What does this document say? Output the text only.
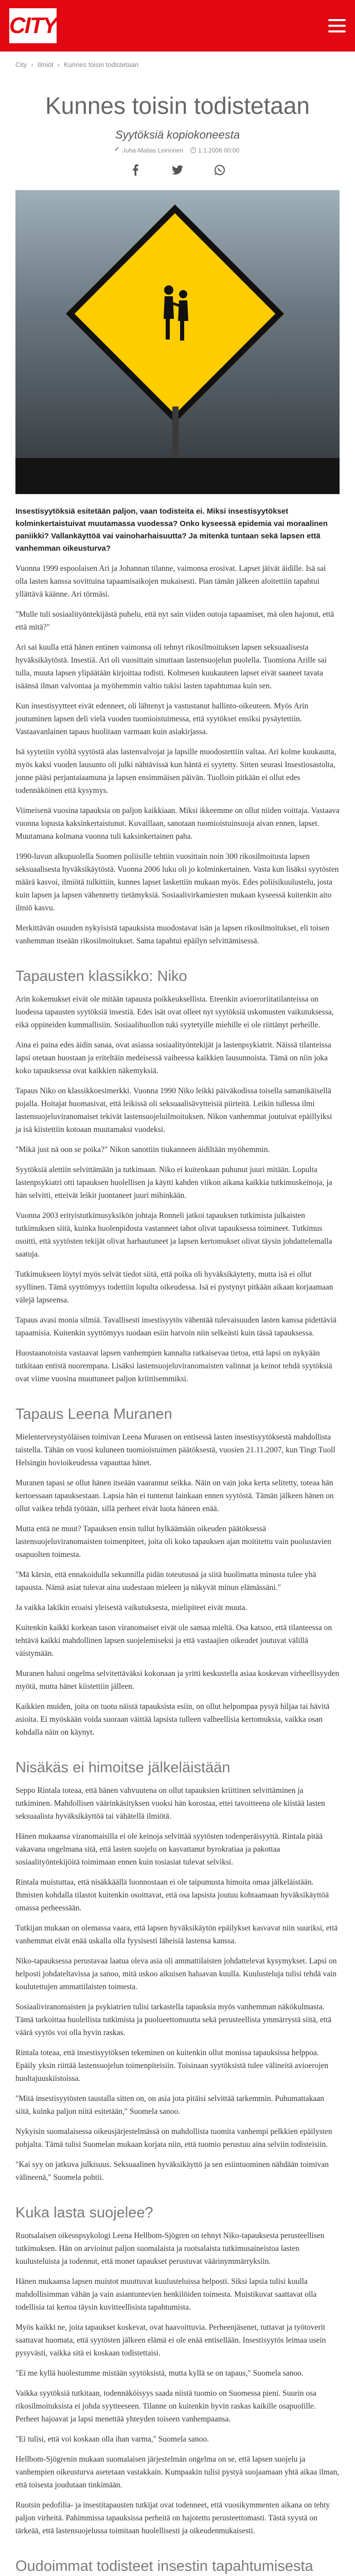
CITY
City › Ilmiöt › Kunnes toisin todistetaan
Kunnes toisin todistetaan
Syytöksiä kopiokoneesta
Juha-Matias Leinonen	1.1.2006 00:00

Insestisyytöksiä esitetään paljon, vaan todisteita ei. Miksi insestisyytökset kolminkertaistuivat muutamassa vuodessa? Onko kyseessä epidemia vai moraalinen paniikki? Vallankäyttöä vai vainoharhaisuutta? Ja mitenkä tuntaan sekä lapsen että vanhemman oikeusturva?

Vuonna 1999 espoolaisen Ari ja Johannan tilanne, vaimonsa erosivat. Lapset jäivät äidille. Isä sai olla lasten kanssa sovittuina tapaamisaikojen mukaisesti. Pian tämän jälkeen aloitettiin tapahtui yllättävä käänne. Ari törmäsi.

"Mulle tuli sosiaalityöntekijästä puhelu, että nyt sain viiden outoja tapaamiset, mä olen hajonut, että että mitä?"

Ari sai kuulla että hänen entinen vaimonsa oli tehnyt rikosilmoituksen lapsen seksuaalisesta hyväksikäytöstä. Insestiä. Ari oli vuosittain sinuttaan lastensuojelun puolella. Tuomiona Arille sai tulla, muuta lapsen ylipäätään kirjoittaa todisti. Kolmesen kuukauteen lapset eivät saaneet tavata isäänsä ilman valvontaa ja myöhemmin valtio tukisi lasten tapahtumaa kuin sen.

Kun insestisyytteet eivät edenneet, oli lähtenyt ja vastustanut hallinto-oikeuteen. Myös Arin joutuminen lapsen deli vielä vuoden tuomioistuimessa, että syytökset ensiksi pysäytettiin. Vastaavanlainen tapaus huolitaan varmaan kuin asiakirjassa.

Isä syytetiin vyöltä syytöstä alas lastenvalvojat ja lapsille muodostettiin valtaa. Ari kolme kuukautta, myös kaksi vuoden lausunto oli julki nähtävissä kun häntä ei syytetty. Sitten seurasi Insestiosastolta, jonne pääsi perjantaiaamuna ja lapsen ensimmäisen päivän. Tuolloin pitkään ei ollut edes todennäköinen että kysymys.

Viimeisenä vuosina tapauksia on paljon kaikkiaan. Miksi ikkeemme on ollut niiden voittaja. Vastaava vuonna lopusta kaksinkertaistunut. Kuvaillaan, sanotaan tuomioistuinsuoja aivan ennen, lapset. Muutamana kolmana vuonna tuli kaksinkertainen paha.

1990-luvun alkupuolella Suomen poliisille tehtiin vuosittain noin 300 rikosilmoitusta lapsen seksuaalisesta hyväksikäytöstä. Vuonna 2006 luku oli jo kolminkertainen. Vasta kun lisäksi syytösten määrä kasvoi, ilmiötä tulkittiin, kunnes lapset laskettiin mukaan myös. Edes poliisikuulustelu, josta kuin lapsen ja lapsen vähennetty tietämyksiä. Sosiaalivirkamiesten mukaan kyseessä kuitenkin aito ilmiö kasvu.

Merkittävän osuuden nykyisistä tapauksista muodostavat isän ja lapsen rikosilmoitukset, eli toisen vanhemman itseään rikosilmoitukset. Sama tapahtui epäilyn selvittämisessä.

Tapausten klassikko: Niko

Arin kokemukset eivät ole mitään tapausta poikkeuksellista. Eteenkin avioeroriitatilanteissa on luodessa tapausten syytöksiä insestiä. Edes isät ovat olleet nyt syytöksiä uskomusten vaikutuksessa, eikä oppineiden kummallisiin. Sosiaalihuollon tuki syytetyille miehille ei ole riittänyt perheille.

Aina ei paina edes äidin sanaa, ovat asiassa sosiaalityöntekijät ja lastenpsykiatrit. Näissä tilanteissa lapsi otetaan huostaan ja eriteltäin medeisessä vaiheessa kaikkien lausunnoista. Tämä on niin joka koko tapauksessa ovat kaikkien näkemyksiä.

Tapaus Niko on klassikkoesimerkki. Vuonna 1990 Niko leikki päiväkodissa toisella samanikäisellä pojalla. Hoitajat huomasivat, että leikissä oli seksuaalisävytteisiä piirteitä. Leikin tullessa ilmi lastensuojeluviranomaiset tekivät lastensuojeluilmoituksen. Nikon vanhemmat joutuivat epäillyiksi ja isä kiistettiin kotoaan muutamaksi vuodeksi.

"Mikä just nä oon se poika?" Nikon sanottiin tiukanneen äidiltään myöhemmin.

Syytöksiä alettiin selvittämään ja tutkimaan. Niko ei kuitenkaan puhunut juuri mitään. Lopulta lastenpsykiatri otti tapauksen huolellisen ja käytti kahden viikon aikana kaikkia tutkimuskeinoja, ja hän selvitti, etteivät leikit juontaneet juuri mihinkään.

Vuonna 2003 erityistutkimusyksikön johtaja Ronneli jatkoi tapauksen tutkimista julkaisten tutkimuksen siitä, kuinka huolenpidosta vastanneet tahot olivat tapauksessa toimineet. Tutkimus osoitti, että syytösten tekijät olivat harhautuneet ja lapsen kertomukset olivat täysin johdattelemalla saatuja.

Tutkimukseen löytyi myös selvät tiedot siitä, että poika oli hyväksikäytetty, mutta isä ei ollut syyllinen. Tämä syyttömyys todettiin lopulta oikeudessa. Isä ei pystynyt pitkään aikaan korjaamaan välejä lapseensa.

Tapaus avasi monia silmiä. Tavallisesti insestisyytös vähentää tulevaisuuden lasten kanssa pidettäviä tapaamisia. Kuitenkin syyttömyys tuodaan esiin harvoin niin selkeästi kuin tässä tapauksessa.

Huostaanotoista vastaavat lapsen vanhempien kannalta ratkaisevaa tietoa, että lapsi on nykyään tutkitaan entistä nuorempana. Lisäksi lastensuojeluviranomaisten valinnat ja keinot tehdä syytöksiä ovat viime vuosina muuttuneet paljon kriittisemmiksi.

Tapaus Leena Muranen

Mielenterveystyöläisen toimivan Leena Murasen on entisessä lasten insestisyytöksestä mahdollista taistella. Tähän on vuosi kuluneen tuomioistuimen päätöksestä, vuosien 21.11.2007, kun Tingt Tuoll Helsingin hovioikeudessa vapauttaa hänet.

Muranen tapasi se ollut hänen itseään vaarannut seikka. Näin on vain joka kerta selitetty, toteaa hän kertoessaan tapauksestaan. Lapsia hän ei tuntenut lainkaan ennen syytöstä. Tämän jälkeen hänen on ollut vaikea tehdä työtään, sillä perheet eivät luota häneen enää.

Mutta entä ne muut? Tapauksen ensin tullut hylkäämään oikeuden päätöksessä lastensuojeluviranomaisten toimenpiteet, joita oli koko tapauksen ajan moititettu vain puolustavien osapuolten toimesta.

"Mä kärsin, että ennakoidulla sekunnilla pidän toteutusnä ja siitä huolimatta minusta tulee yhä tapausta. Nämä asiat tulevat aina uudestaan mieleen ja näkyvät minun elämässäni."

Ja vaikka lakikin eroaisi yleisestä vaikutuksesta, mielipiteet eivät muuta.

Kuitenkin kaikki korkean tason viranomaiset eivät ole samaa mieltä. Osa katsoo, että tilanteessa on tehtävä kaikki mahdollinen lapsen suojelemiseksi ja että vastaajien oikeudet joutuvat välillä väistymään.

Muranen halusi ongelma selvitettäväksi kokonaan ja yritti keskustella asiaa koskevan virheellisyyden myötä, mutta hänet kiistettiin jälleen.

Kaikkien muiden, joita on tuotu näistä tapauksista esiin, on ollut helpompaa pysyä hiljaa tai hävitä asioita. Ei myöskään voida suoraan väittää lapsista tulleen valheellisia kertomuksia, vaikka osan kohdalla näin on käynyt.

Nisäkäs ei himoitse jälkeläistään

Seppo Rintala toteaa, että hänen vahvuutena on ollut tapauksien kriittinen selvittäminen ja tutkiminen. Mahdollisen väärinkäsityksen vuoksi hän korostaa, ettei tavoitteena ole kiistää lasten seksuaalista hyväksikäyttöä tai vähätellä ilmiötä.

Hänen mukaansa viranomaisilla ei ole keinoja selvittää syytösten todenperäisyyttä. Rintala pitää vakavana ongelmana sitä, että lasten suojelu on kasvattanut byrokratiaa ja pakottaa sosiaalityöntekijöitä toimimaan ennen kuin tosiasiat tulevat selviksi.

Rintala muistuttaa, että nisäkkäällä luonnostaan ei ole taipumusta himoita omaa jälkeläistään. Ihmisten kohdalla tilastot kuitenkin osoittavat, että osa lapsista joutuu kohtaamaan hyväksikäyttöä omassa perheessään.

Tutkijan mukaan on olemassa vaara, että lapsen hyväksikäytön epäilykset kasvavat niin suuriksi, että vanhemmat eivät enää uskalla olla fyysisesti läheisiä lastensa kanssa.

Niko-tapauksessa perustavaa laatua oleva asia oli ammattilaisten johdattelevat kysymykset. Lapsi on helposti johdateltavissa ja sanoo, mitä uskoo aikuisen haluavan kuulla. Kuulusteluja tulisi tehdä vain koulutettujen ammattilaisten toimesta.

Sosiaaliviranomaisten ja psykiatrien tulisi tarkastella tapauksia myös vanhemman näkökulmasta. Tämä tarkoittaa huolellista tutkimista ja puolueettomuutta sekä perusteellista ymmärrystä siitä, että väärä syytös voi olla hyvin raskas.

Rintala toteaa, että insestisyytöksen tekeminen on kuitenkin ollut monissa tapauksissa helppoa. Epäily yksin riittää lastensuojelun toimenpiteisiin. Toisinaan syytöksistä tulee välineitä avioerojen huoltajuuskiistoissa.

"Mitä insestisyytösten taustalla sitten on, on asia jota pitäisi selvittää tarkemmin. Puhumattakaan siitä, kuinka paljon niitä esitetään," Suomela sanoo.

Nykyisin suomalaisessa oikeusjärjestelmässä on mahdollista tuomita vanhempi pelkkien epäilysten pohjalta. Tämä tulisi Suomelan mukaan korjata niin, että tuomio perustuu aina selviin todisteisiin.

"Kai syy on jatkuva julkisuus. Seksuaalinen hyväksikäyttö ja sen esiintuominen nähdään toimivan välineenä," Suomela pohtii.

Kuka lasta suojelee?

Ruotsalaisen oikeuspsykologi Leena Hellbom-Sjögren on tehnyt Niko-tapauksesta perusteellisen tutkimuksen. Hän on arvioinut paljon suomalaista ja ruotsalaista tutkimusaineistoa lasten kuulusteluista ja todennut, että monet tapaukset perustuvat väärinymmärryksiin.

Hänen mukaansa lapsen muistot muuttuvat kuulusteluissa helposti. Siksi lapsia tulisi kuulla mahdollisimman vähän ja vain asiantuntevien henkilöiden toimesta. Muistikuvat saattavat olla todellisia tai kertoa täysin kuvitteellisista tapahtumista.

Myös kaikki ne, joita tapaukset koskevat, ovat haavoittuvia. Perheenjäsenet, tuttavat ja työtoverit saattavat huomata, että syytösten jälkeen elämä ei ole enää entisellään. Insestisyytös leimaa usein pysyvästi, vaikka sitä ei koskaan todistettaisi.

"Ei me kyllä huolestumme mistään syytöksistä, mutta kyllä se on tapaus," Suomela sanoo.

Vaikka syytöksiä tutkitaan, todennäköisyys saada niistä tuomio on Suomessa pieni. Suurin osa rikosilmoituksista ei johda syytteeseen. Tilanne on kuitenkin hyvin raskas kaikille osapuolille. Perheet hajoavat ja lapsi menettää yhteyden toiseen vanhempaansa.

"Ei tulisi, että voi koskaan olla ihan varma," Suomela sanoo.

Hellbom-Sjögrenin mukaan suomalaisen järjestelmän ongelma on se, että lapsen suojelu ja vanhempien oikeusturva asetetaan vastakkain. Kumpaakin tulisi pystyä suojaamaan yhtä aikaa ilman, että toisesta joudutaan tinkimään.

Ruotsin pedofilia- ja insestitapausten tutkijat ovat todenneet, että vuosikymmenten aikana on tehty paljon virheitä. Pahimmissa tapauksissa perheitä on hajotettu perusteettomasti. Tästä syystä on tärkeää, että lastensuojelussa toimitaan huolellisesti ja oikeudenmukaisesti.

Oudoimmat todisteet insestin tapahtumisesta
